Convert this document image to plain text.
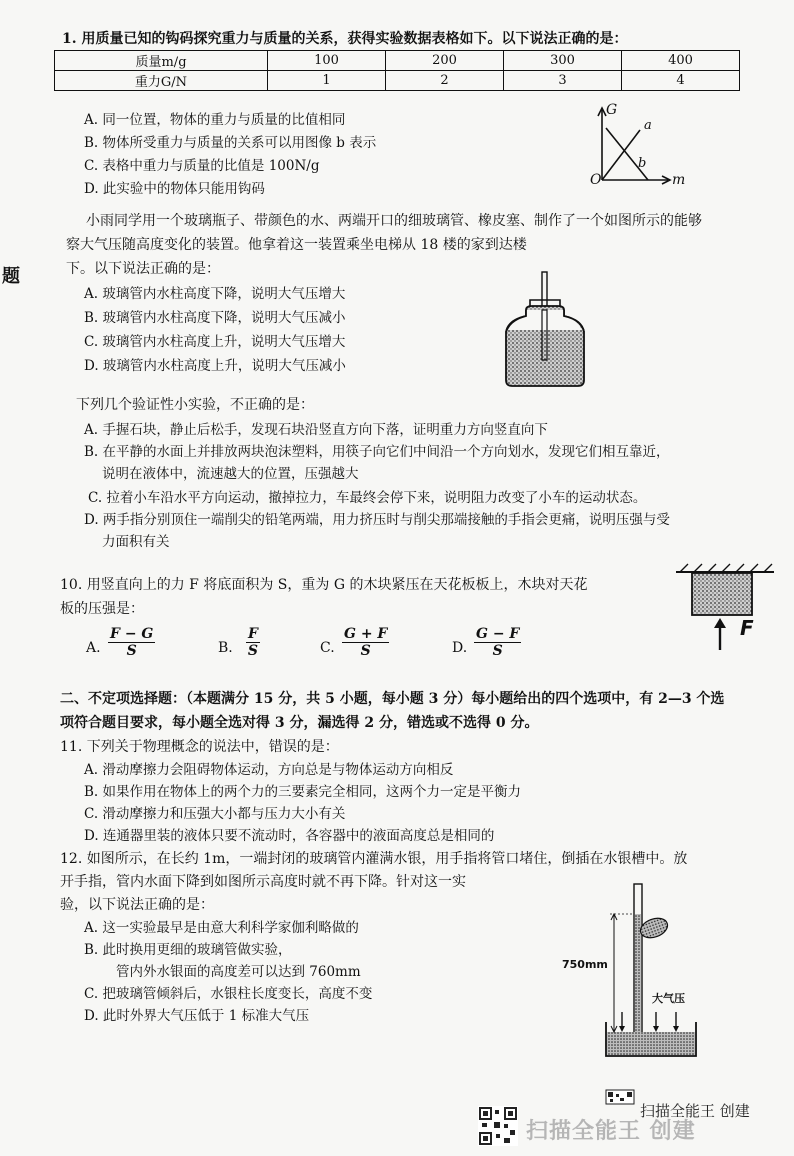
1. 用质量已知的钩码探究重力与质量的关系，获得实验数据表格如下。以下说法正确的是：
质量m/g	100	200	300	400
重力G/N	1	2	3	4
A. 同一位置，物体的重力与质量的比值相同
B. 物体所受重力与质量的关系可以用图像 b 表示
C. 表格中重力与质量的比值是 100N/g
D. 此实验中的物体只能用钩码
G
m
O
a
b
题
小雨同学用一个玻璃瓶子、带颜色的水、两端开口的细玻璃管、橡皮塞、制作了一个如图所示的能够
察大气压随高度变化的装置。他拿着这一装置乘坐电梯从 18 楼的家到达楼
下。以下说法正确的是：
A. 玻璃管内水柱高度下降，说明大气压增大
B. 玻璃管内水柱高度下降，说明大气压减小
C. 玻璃管内水柱高度上升，说明大气压增大
D. 玻璃管内水柱高度上升，说明大气压减小
下列几个验证性小实验，不正确的是：
A. 手握石块，静止后松手，发现石块沿竖直方向下落，证明重力方向竖直向下
B. 在平静的水面上并排放两块泡沫塑料，用筷子向它们中间沿一个方向划水，发现它们相互靠近，
说明在液体中，流速越大的位置，压强越大
C. 拉着小车沿水平方向运动，撤掉拉力，车最终会停下来，说明阻力改变了小车的运动状态。
D. 两手指分别顶住一端削尖的铅笔两端，用力挤压时与削尖那端接触的手指会更痛，说明压强与受
力面积有关
10. 用竖直向上的力 F 将底面积为 S，重为 G 的木块紧压在天花板板上，木块对天花
板的压强是：
A. $\frac{F - G}{S}$	B. $\frac{F}{S}$	C. $\frac{G + F}{S}$	D. $\frac{G - F}{S}$	F
二、不定项选择题：（本题满分 15 分，共 5 小题，每小题 3 分）每小题给出的四个选项中，有 2—3 个选
项符合题目要求，每小题全选对得 3 分，漏选得 2 分，错选或不选得 0 分。
11. 下列关于物理概念的说法中，错误的是：
A. 滑动摩擦力会阻碍物体运动，方向总是与物体运动方向相反
B. 如果作用在物体上的两个力的三要素完全相同，这两个力一定是平衡力
C. 滑动摩擦力和压强大小都与压力大小有关
D. 连通器里装的液体只要不流动时，各容器中的液面高度总是相同的
12. 如图所示，在长约 1m，一端封闭的玻璃管内灌满水银，用手指将管口堵住，倒插在水银槽中。放
开手指，管内水面下降到如图所示高度时就不再下降。针对这一实
验，以下说法正确的是：
A. 这一实验最早是由意大利科学家伽利略做的
B. 此时换用更细的玻璃管做实验，
管内外水银面的高度差可以达到 760mm
C. 把玻璃管倾斜后，水银柱长度变长，高度不变
D. 此时外界大气压低于 1 标准大气压
750mm
大气压
扫描全能王 创建
扫描全能王 创建
